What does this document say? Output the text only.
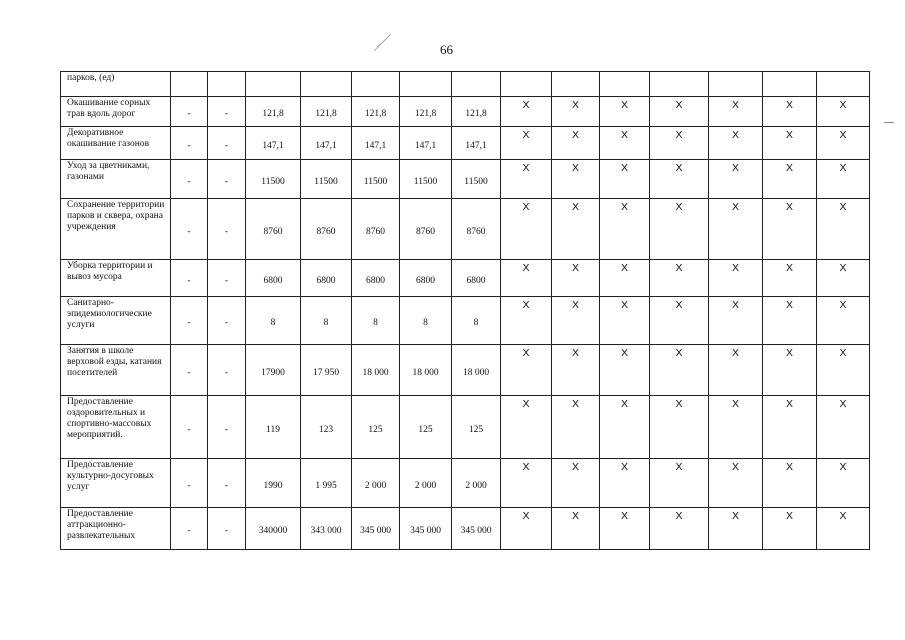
66
парков, (ед)														
Окашивание сорных трав вдоль дорог	-	-	121,8	121,8	121,8	121,8	121,8	X	X	X	X	X	X	X
Декоративное окашивание газонов	-	-	147,1	147,1	147,1	147,1	147,1	X	X	X	X	X	X	X
Уход за цветниками, газонами	-	-	11500	11500	11500	11500	11500	X	X	X	X	X	X	X
Сохранение территории парков и сквера, охрана учреждения	-	-	8760	8760	8760	8760	8760	X	X	X	X	X	X	X
Уборка территории и вывоз мусора	-	-	6800	6800	6800	6800	6800	X	X	X	X	X	X	X
Санитарно-эпидемиологические услуги	-	-	8	8	8	8	8	X	X	X	X	X	X	X
Занятия в школе верховой езды, катания посетителей	-	-	17900	17 950	18 000	18 000	18 000	X	X	X	X	X	X	X
Предоставление оздоровительных и спортивно-массовых мероприятий.	-	-	119	123	125	125	125	X	X	X	X	X	X	X
Предоставление культурно-досуговых услуг	-	-	1990	1 995	2 000	2 000	2 000	X	X	X	X	X	X	X
Предоставление аттракционно-развлекательных	-	-	340000	343 000	345 000	345 000	345 000	X	X	X	X	X	X	X
